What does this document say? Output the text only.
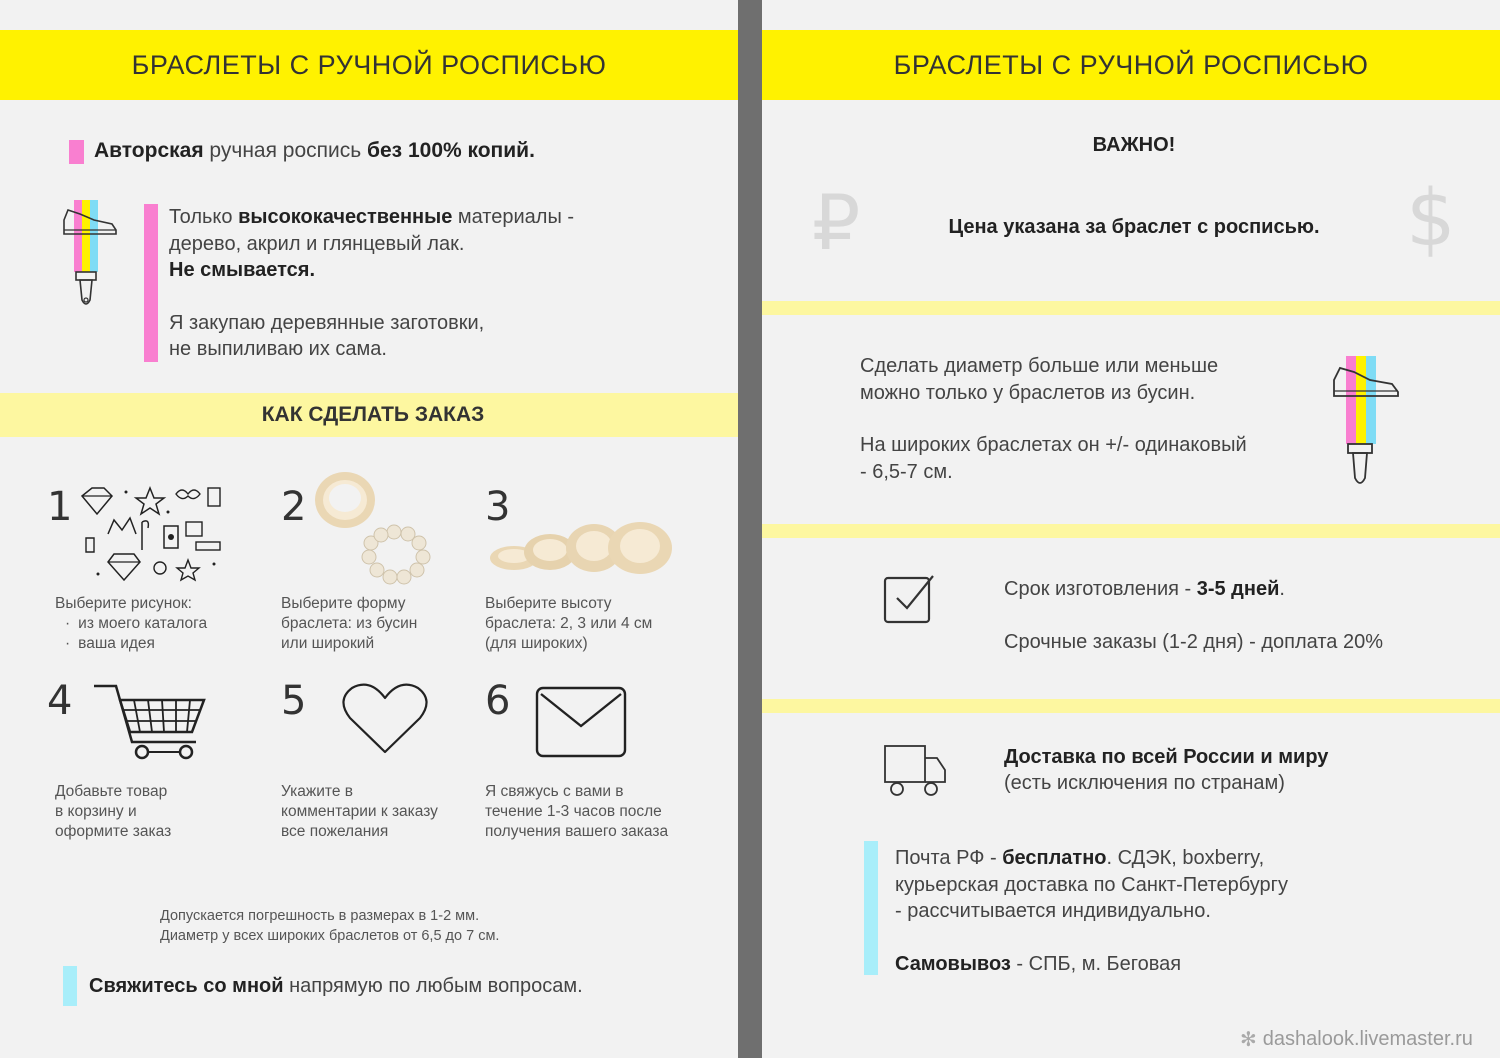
БРАСЛЕТЫ С РУЧНОЙ РОСПИСЬЮ
Авторская ручная роспись без 100% копий.
Только высококачественные материалы -
дерево, акрил и глянцевый лак.
Не смывается.
Я закупаю деревянные заготовки,
не выпиливаю их сама.
КАК СДЕЛАТЬ ЗАКАЗ
1
Выберите рисунок:
· из моего каталога
· ваша идея
2
Выберите форму
браслета: из бусин
или широкий
3
Выберите высоту
браслета: 2, 3 или 4 см
(для широких)
4
Добавьте товар
в корзину и
оформите заказ
5
Укажите в
комментарии к заказу
все пожелания
6
Я свяжусь с вами в
течение 1-3 часов после
получения вашего заказа
Допускается погрешность в размерах в 1-2 мм.
Диаметр у всех широких браслетов от 6,5 до 7 см.
Свяжитесь со мной напрямую по любым вопросам.
БРАСЛЕТЫ С РУЧНОЙ РОСПИСЬЮ
ВАЖНО!
₽	$
Цена указана за браслет с росписью.
Сделать диаметр больше или меньше
можно только у браслетов из бусин.
На широких браслетах он +/- одинаковый
- 6,5-7 см.
Срок изготовления - 3-5 дней.
Срочные заказы (1-2 дня) - доплата 20%
Доставка по всей России и миру
(есть исключения по странам)
Почта РФ - бесплатно. СДЭК, boxberry,
курьерская доставка по Санкт-Петербургу
- рассчитывается индивидуально.
Самовывоз - СПБ, м. Беговая
✻ dashalook.livemaster.ru
